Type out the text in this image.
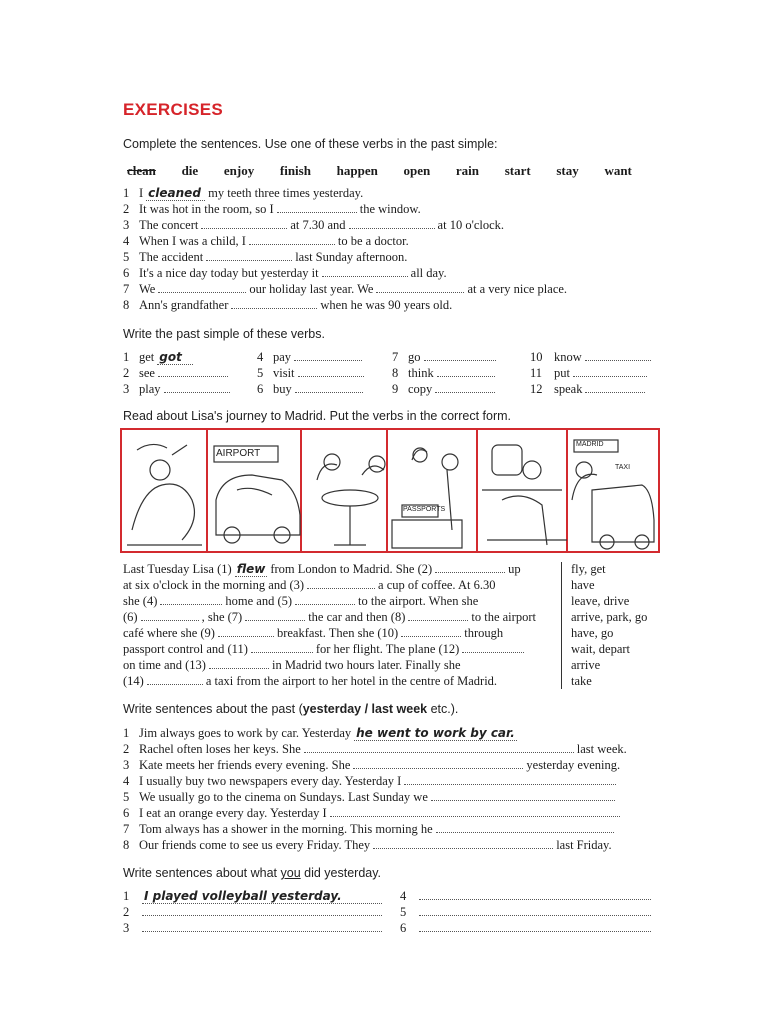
EXERCISES
Complete the sentences. Use one of these verbs in the past simple:
clean die enjoy finish happen open rain start stay want
1 I cleaned my teeth three times yesterday.
2 It was hot in the room, so I	the window.
3 The concert	at 7.30 and	at 10 o'clock.
4 When I was a child, I	to be a doctor.
5 The accident	last Sunday afternoon.
6 It's a nice day today but yesterday it	all day.
7 We	our holiday last year. We	at a very nice place.
8 Ann's grandfather	when he was 90 years old.
Write the past simple of these verbs.
1 get got
2 see
3 play
4 pay
5 visit
6 buy
7 go
8 think
9 copy
10 know
11 put
12 speak
Read about Lisa's journey to Madrid. Put the verbs in the correct form.
AIRPORT
PASSPORTS
MADRID
TAXI
Last Tuesday Lisa (1) flew from London to Madrid. She (2)	up
at six o'clock in the morning and (3)	a cup of coffee. At 6.30
she (4)	home and (5)	to the airport. When she
(6)	, she (7)	the car and then (8)	to the airport
café where she (9)	breakfast. Then she (10)	through
passport control and (11)	for her flight. The plane (12)
on time and (13)	in Madrid two hours later. Finally she
(14)	a taxi from the airport to her hotel in the centre of Madrid.
fly, get
have
leave, drive
arrive, park, go
have, go
wait, depart
arrive
take
Write sentences about the past (yesterday / last week etc.).
1 Jim always goes to work by car. Yesterday he went to work by car.
2 Rachel often loses her keys. She	last week.
3 Kate meets her friends every evening. She	yesterday evening.
4 I usually buy two newspapers every day. Yesterday I
5 We usually go to the cinema on Sundays. Last Sunday we
6 I eat an orange every day. Yesterday I
7 Tom always has a shower in the morning. This morning he
8 Our friends come to see us every Friday. They	last Friday.
Write sentences about what you did yesterday.
1	I played volleyball yesterday.
2
3
4
5
6
